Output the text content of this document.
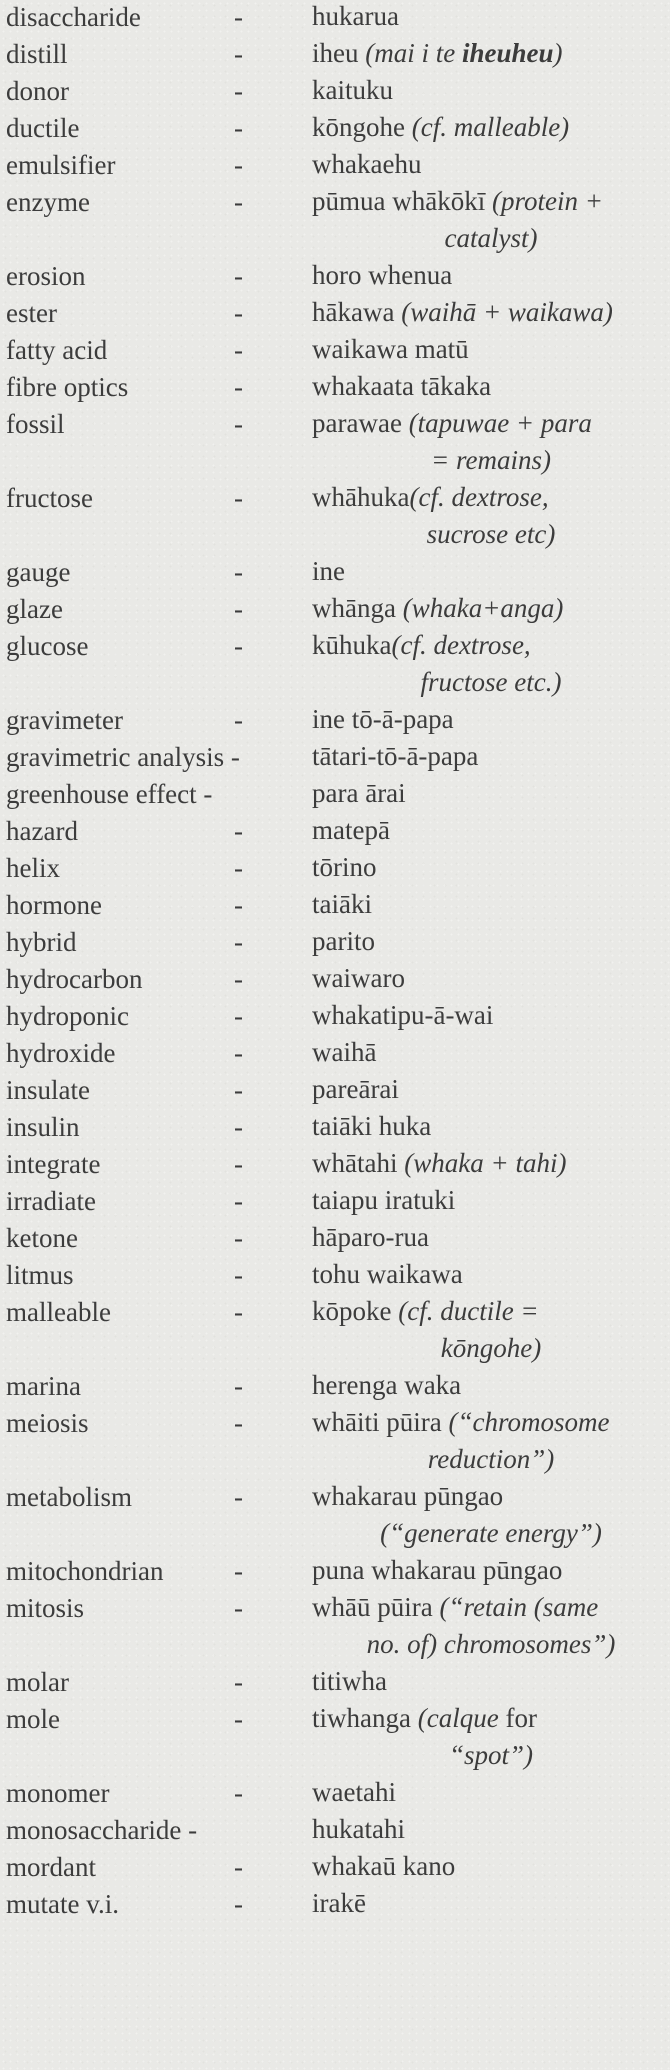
disaccharide	-	hukarua
distill	-	iheu (mai i te iheuheu)
donor	-	kaituku
ductile	-	kōngohe (cf. malleable)
emulsifier	-	whakaehu
enzyme	-	pūmua whākōkī (protein +
catalyst)
erosion	-	horo whenua
ester	-	hākawa (waihā + waikawa)
fatty acid	-	waikawa matū
fibre optics	-	whakaata tākaka
fossil	-	parawae (tapuwae + para
= remains)
fructose	-	whāhuka(cf. dextrose,
sucrose etc)
gauge	-	ine
glaze	-	whānga (whaka+anga)
glucose	-	kūhuka(cf. dextrose,
fructose etc.)
gravimeter	-	ine tō-ā-papa
gravimetric analysis -	tātari-tō-ā-papa
greenhouse effect -	para ārai
hazard	-	matepā
helix	-	tōrino
hormone	-	taiāki
hybrid	-	parito
hydrocarbon	-	waiwaro
hydroponic	-	whakatipu-ā-wai
hydroxide	-	waihā
insulate	-	pareārai
insulin	-	taiāki huka
integrate	-	whātahi (whaka + tahi)
irradiate	-	taiapu iratuki
ketone	-	hāparo-rua
litmus	-	tohu waikawa
malleable	-	kōpoke (cf. ductile =
kōngohe)
marina	-	herenga waka
meiosis	-	whāiti pūira (“chromosome
reduction”)
metabolism	-	whakarau pūngao
(“generate energy”)
mitochondrian	-	puna whakarau pūngao
mitosis	-	whāū pūira (“retain (same
no. of) chromosomes”)
molar	-	titiwha
mole	-	tiwhanga (calque for
“spot”)
monomer	-	waetahi
monosaccharide -	hukatahi
mordant	-	whakaū kano
mutate v.i.	-	irakē
